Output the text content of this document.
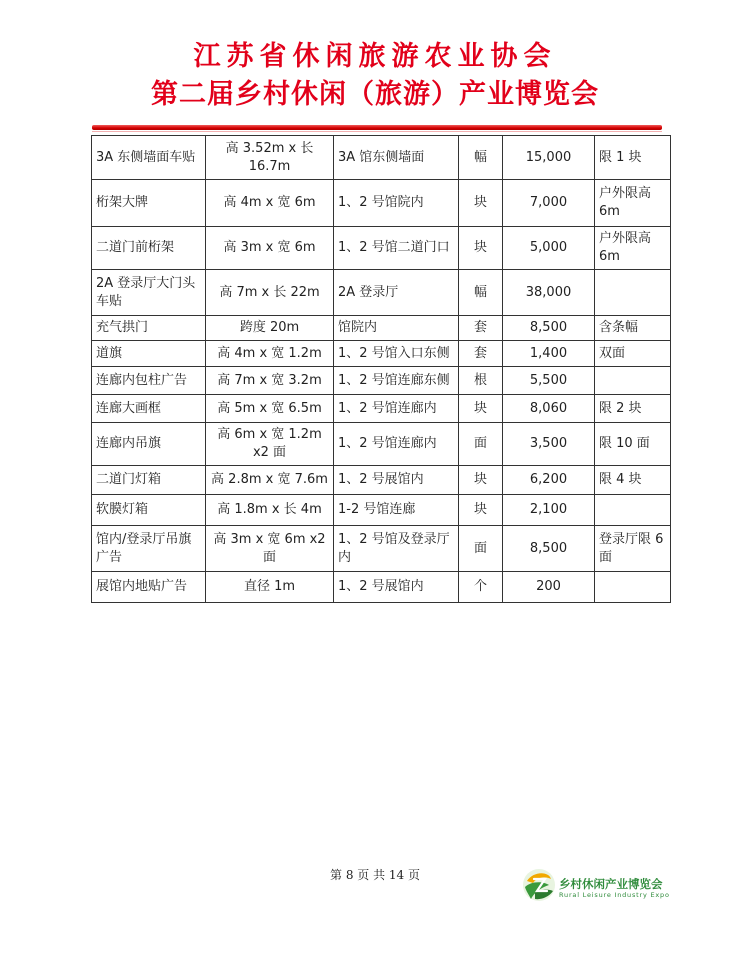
江苏省休闲旅游农业协会
第二届乡村休闲（旅游）产业博览会
3A 东侧墙面车贴	高 3.52m x 长 16.7m	3A 馆东侧墙面	幅	15,000	限 1 块
桁架大牌	高 4m x 宽 6m	1、2 号馆院内	块	7,000	户外限高 6m
二道门前桁架	高 3m x 宽 6m	1、2 号馆二道门口	块	5,000	户外限高 6m
2A 登录厅大门头车贴	高 7m x 长 22m	2A 登录厅	幅	38,000	
充气拱门	跨度 20m	馆院内	套	8,500	含条幅
道旗	高 4m x 宽 1.2m	1、2 号馆入口东侧	套	1,400	双面
连廊内包柱广告	高 7m x 宽 3.2m	1、2 号馆连廊东侧	根	5,500	
连廊大画框	高 5m x 宽 6.5m	1、2 号馆连廊内	块	8,060	限 2 块
连廊内吊旗	高 6m x 宽 1.2m x2 面	1、2 号馆连廊内	面	3,500	限 10 面
二道门灯箱	高 2.8m x 宽 7.6m	1、2 号展馆内	块	6,200	限 4 块
软膜灯箱	高 1.8m x 长 4m	1-2 号馆连廊	块	2,100	
馆内/登录厅吊旗广告	高 3m x 宽 6m x2 面	1、2 号馆及登录厅内	面	8,500	登录厅限 6 面
展馆内地贴广告	直径 1m	1、2 号展馆内	个	200	
第 8 页 共 14 页
乡村休闲产业博览会
Rural Leisure Industry Expo
